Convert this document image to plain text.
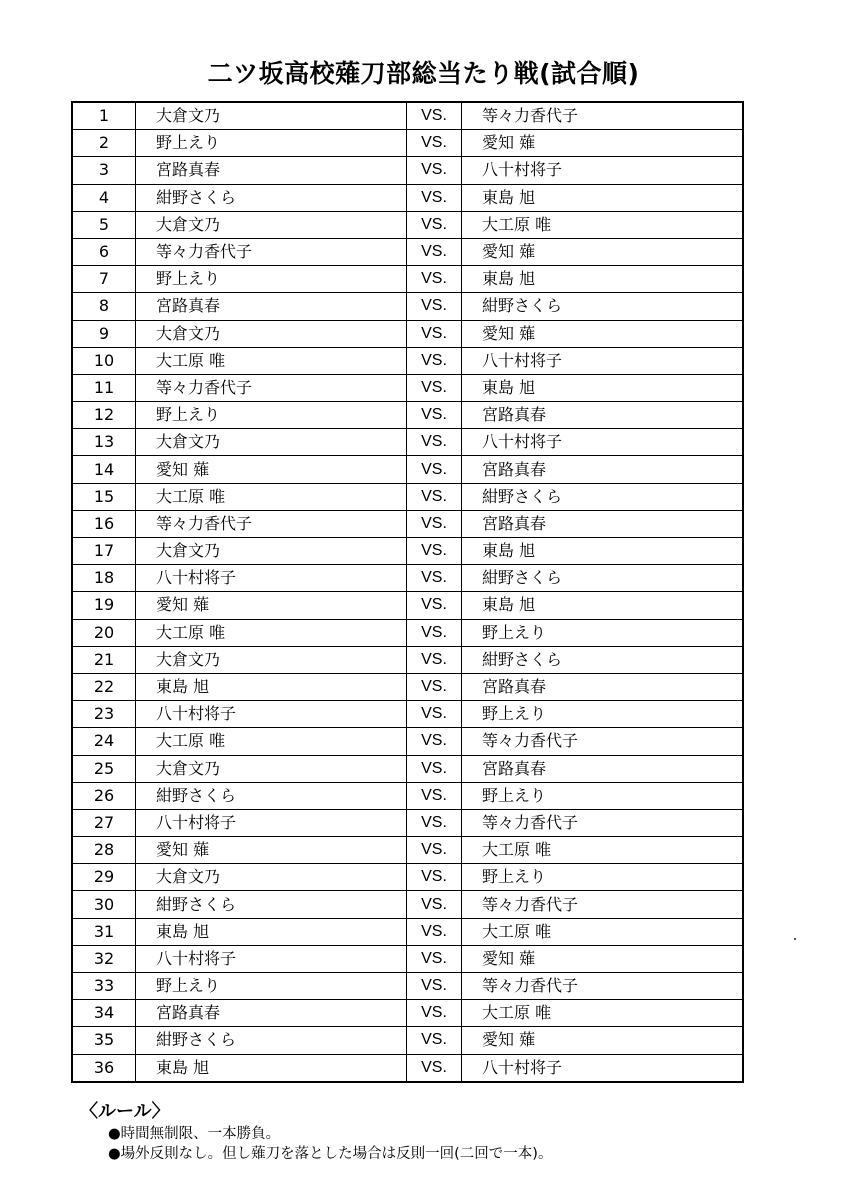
二ツ坂高校薙刀部総当たり戦(試合順)
1	大倉文乃	VS.	等々力香代子
2	野上えり	VS.	愛知 薙
3	宮路真春	VS.	八十村将子
4	紺野さくら	VS.	東島 旭
5	大倉文乃	VS.	大工原 唯
6	等々力香代子	VS.	愛知 薙
7	野上えり	VS.	東島 旭
8	宮路真春	VS.	紺野さくら
9	大倉文乃	VS.	愛知 薙
10	大工原 唯	VS.	八十村将子
11	等々力香代子	VS.	東島 旭
12	野上えり	VS.	宮路真春
13	大倉文乃	VS.	八十村将子
14	愛知 薙	VS.	宮路真春
15	大工原 唯	VS.	紺野さくら
16	等々力香代子	VS.	宮路真春
17	大倉文乃	VS.	東島 旭
18	八十村将子	VS.	紺野さくら
19	愛知 薙	VS.	東島 旭
20	大工原 唯	VS.	野上えり
21	大倉文乃	VS.	紺野さくら
22	東島 旭	VS.	宮路真春
23	八十村将子	VS.	野上えり
24	大工原 唯	VS.	等々力香代子
25	大倉文乃	VS.	宮路真春
26	紺野さくら	VS.	野上えり
27	八十村将子	VS.	等々力香代子
28	愛知 薙	VS.	大工原 唯
29	大倉文乃	VS.	野上えり
30	紺野さくら	VS.	等々力香代子
31	東島 旭	VS.	大工原 唯
32	八十村将子	VS.	愛知 薙
33	野上えり	VS.	等々力香代子
34	宮路真春	VS.	大工原 唯
35	紺野さくら	VS.	愛知 薙
36	東島 旭	VS.	八十村将子
〈ルール〉
●時間無制限、一本勝負。
●場外反則なし。但し薙刀を落とした場合は反則一回(二回で一本)。
